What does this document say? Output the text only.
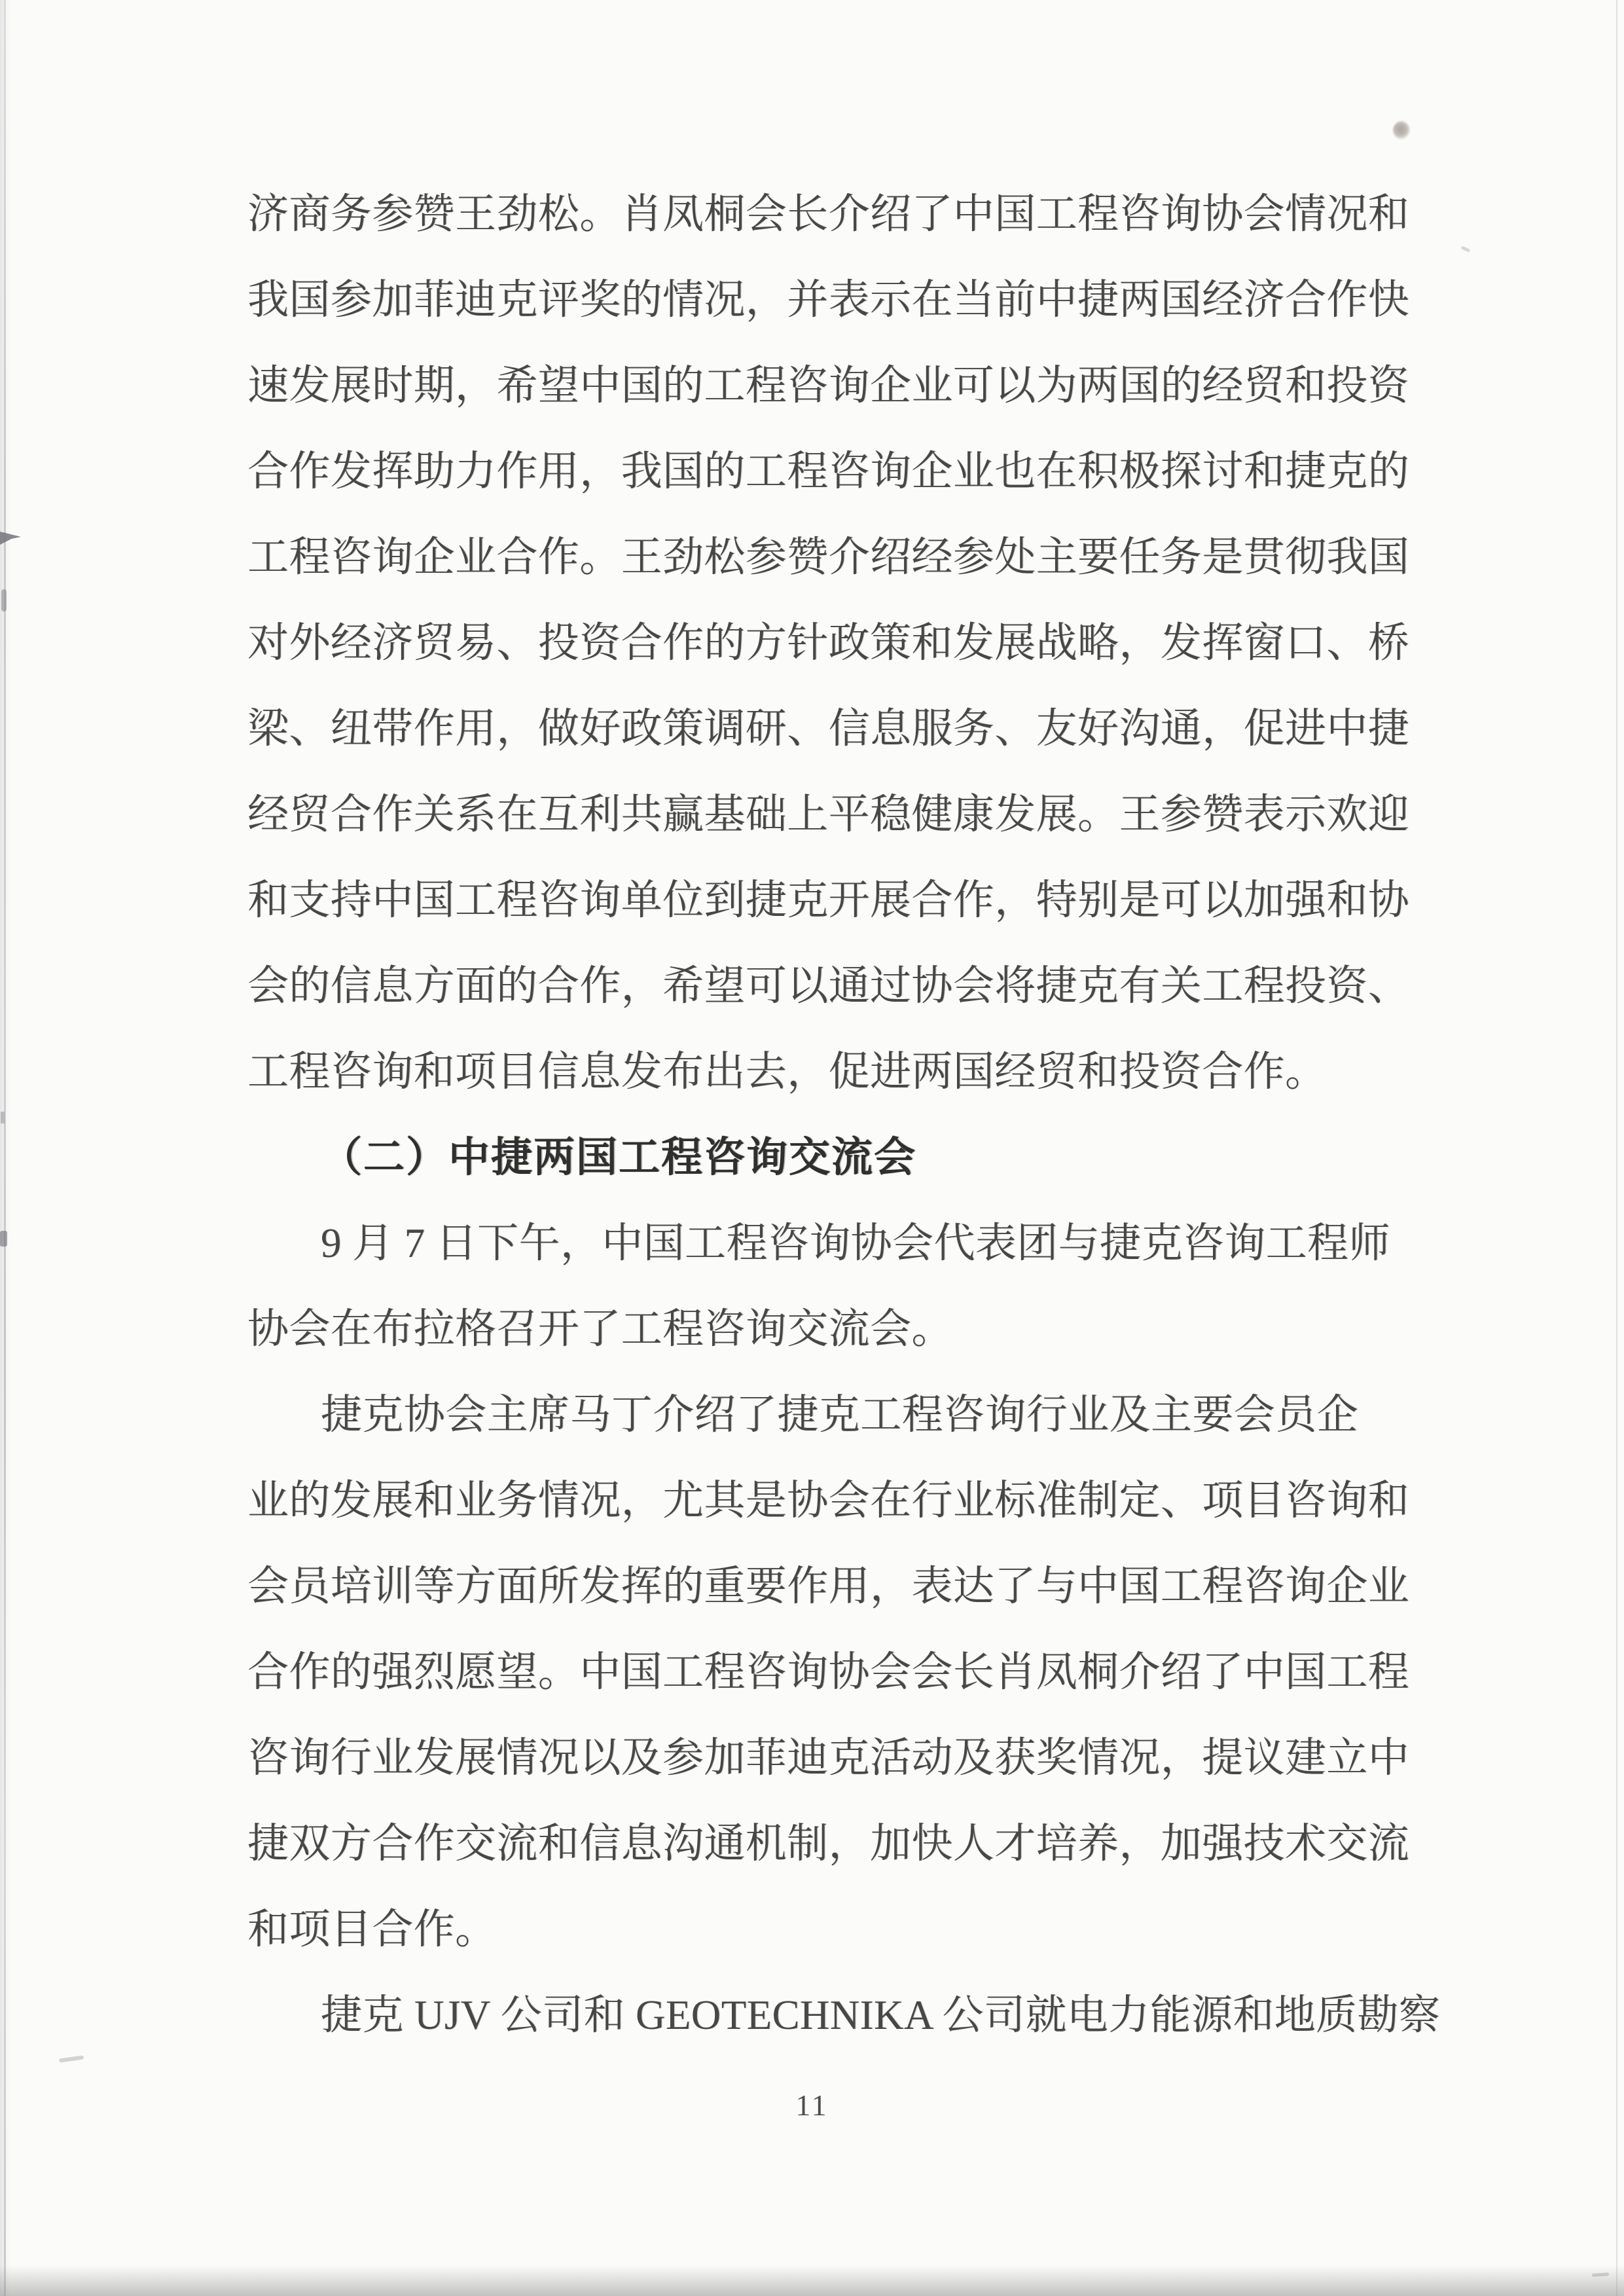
济商务参赞王劲松。肖凤桐会长介绍了中国工程咨询协会情况和
我国参加菲迪克评奖的情况，并表示在当前中捷两国经济合作快
速发展时期，希望中国的工程咨询企业可以为两国的经贸和投资
合作发挥助力作用，我国的工程咨询企业也在积极探讨和捷克的
工程咨询企业合作。王劲松参赞介绍经参处主要任务是贯彻我国
对外经济贸易、投资合作的方针政策和发展战略，发挥窗口、桥
梁、纽带作用，做好政策调研、信息服务、友好沟通，促进中捷
经贸合作关系在互利共赢基础上平稳健康发展。王参赞表示欢迎
和支持中国工程咨询单位到捷克开展合作，特别是可以加强和协
会的信息方面的合作，希望可以通过协会将捷克有关工程投资、
工程咨询和项目信息发布出去，促进两国经贸和投资合作。
（二）中捷两国工程咨询交流会
9 月 7 日下午，中国工程咨询协会代表团与捷克咨询工程师
协会在布拉格召开了工程咨询交流会。
捷克协会主席马丁介绍了捷克工程咨询行业及主要会员企
业的发展和业务情况，尤其是协会在行业标准制定、项目咨询和
会员培训等方面所发挥的重要作用，表达了与中国工程咨询企业
合作的强烈愿望。中国工程咨询协会会长肖凤桐介绍了中国工程
咨询行业发展情况以及参加菲迪克活动及获奖情况，提议建立中
捷双方合作交流和信息沟通机制，加快人才培养，加强技术交流
和项目合作。
捷克 UJV 公司和 GEOTECHNIKA 公司就电力能源和地质勘察
11
